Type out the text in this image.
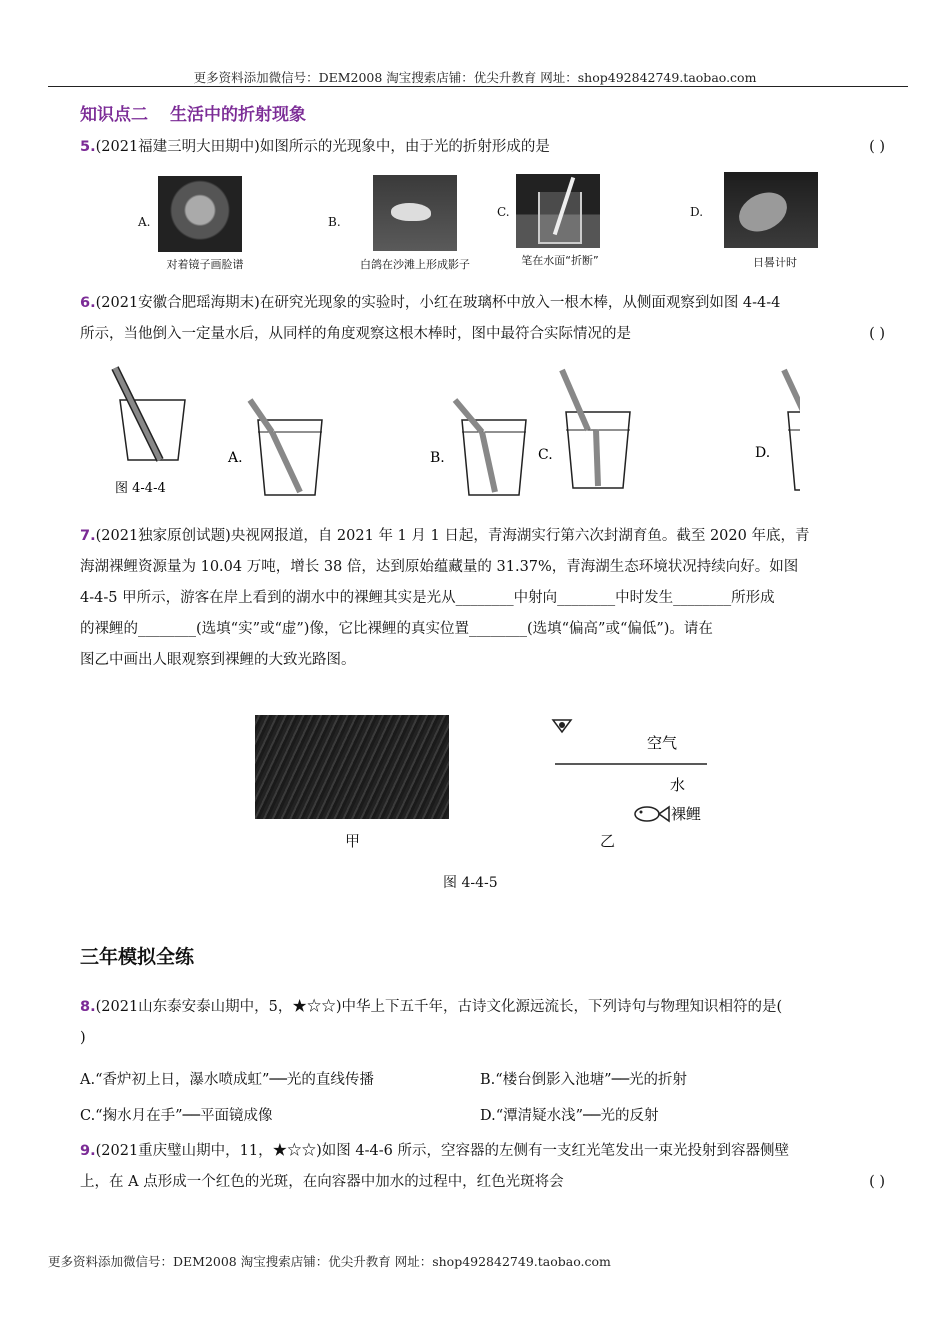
更多资料添加微信号：DEM2008 淘宝搜索店铺：优尖升教育 网址：shop492842749.taobao.com
更多资料添加微信号：DEM2008 淘宝搜索店铺：优尖升教育 网址：shop492842749.taobao.com
知识点二 生活中的折射现象
5.(2021福建三明大田期中)如图所示的光现象中，由于光的折射形成的是	( )
A.
对着镜子画脸谱
B.
白鸽在沙滩上形成影子
C.
笔在水面“折断”
D.
日晷计时
6.(2021安徽合肥瑶海期末)在研究光现象的实验时，小红在玻璃杯中放入一根木棒，从侧面观察到如图 4-4-4
所示，当他倒入一定量水后，从同样的角度观察这根木棒时，图中最符合实际情况的是	( )
图 4-4-4
A.	B.	C.	D.
7.(2021独家原创试题)央视网报道，自 2021 年 1 月 1 日起，青海湖实行第六次封湖育鱼。截至 2020 年底，青
海湖裸鲤资源量为 10.04 万吨，增长 38 倍，达到原始蕴藏量的 31.37%，青海湖生态环境状况持续向好。如图
4-4-5 甲所示，游客在岸上看到的湖水中的裸鲤其实是光从________中射向________中时发生________所形成
的裸鲤的________(选填“实”或“虚”)像，它比裸鲤的真实位置________(选填“偏高”或“偏低”)。请在
图乙中画出人眼观察到裸鲤的大致光路图。
甲
空气
水
裸鲤
乙
图 4-4-5
三年模拟全练
8.(2021山东泰安泰山期中，5，★☆☆)中华上下五千年，古诗文化源远流长，下列诗句与物理知识相符的是(
)
A.“香炉初上日，瀑水喷成虹”──光的直线传播	B.“楼台倒影入池塘”──光的折射
C.“掬水月在手”──平面镜成像	D.“潭清疑水浅”──光的反射
9.(2021重庆璧山期中，11，★☆☆)如图 4-4-6 所示，空容器的左侧有一支红光笔发出一束光投射到容器侧壁
上，在 A 点形成一个红色的光斑，在向容器中加水的过程中，红色光斑将会	( )
